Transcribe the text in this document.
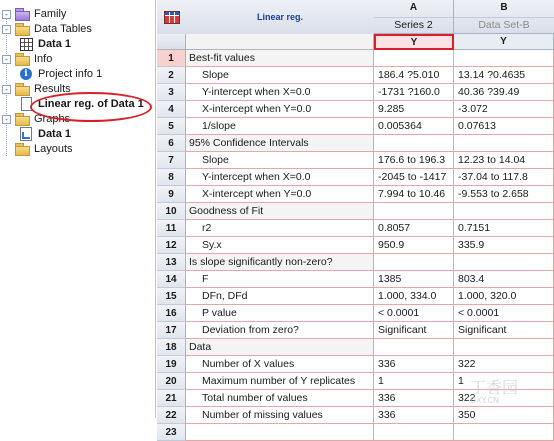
- Family
- Data Tables
Data 1
- Info
i
Project info 1
- Results
Linear reg. of Data 1
- Graphs
Data 1
Layouts
Linear reg.
A
Series 2
B
Data Set-B
Y	Y
1	Best-fit values
2	Slope	186.4 ?5.010	13.14 ?0.4635
3	Y-intercept when X=0.0	-1731 ?160.0	40.36 ?39.49
4	X-intercept when Y=0.0	9.285	-3.072
5	1/slope	0.005364	0.07613
6	95% Confidence Intervals
7	Slope	176.6 to 196.3	12.23 to 14.04
8	Y-intercept when X=0.0	-2045 to -1417	-37.04 to 117.8
9	X-intercept when Y=0.0	7.994 to 10.46	-9.553 to 2.658
10	Goodness of Fit
11	r2	0.8057	0.7151
12	Sy.x	950.9	335.9
13	Is slope significantly non-zero?
14	F	1385	803.4
15	DFn, DFd	1.000, 334.0	1.000, 320.0
16	P value	< 0.0001	< 0.0001
17	Deviation from zero?	Significant	Significant
18	Data
19	Number of X values	336	322
20	Maximum number of Y replicates	1	1
21	Total number of values	336	322
22	Number of missing values	336	350
23
丁香园
DXY.CN
